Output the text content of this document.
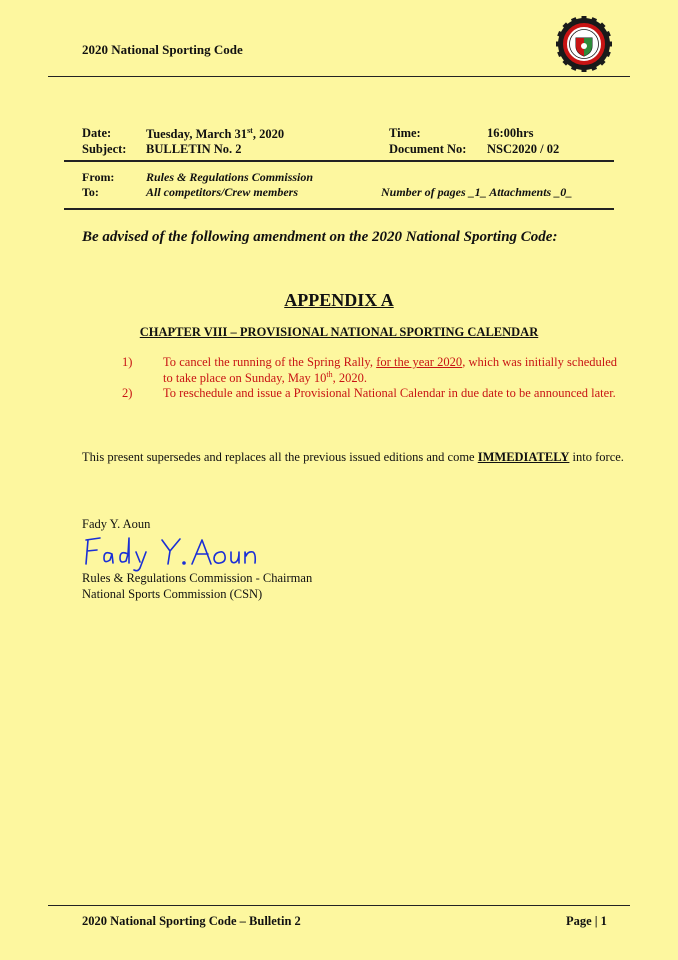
2020 National Sporting Code
Date:	Tuesday, March 31st, 2020	Time:	16:00hrs
Subject: BULLETIN No. 2	Document No: NSC2020 / 02
From:	Rules & Regulations Commission
To:	All competitors/Crew members	Number of pages _1_ Attachments _0_
Be advised of the following amendment on the 2020 National Sporting Code:
APPENDIX A
CHAPTER VIII – PROVISIONAL NATIONAL SPORTING CALENDAR
1) To cancel the running of the Spring Rally, for the year 2020, which was initially scheduled to take place on Sunday, May 10th, 2020.
2) To reschedule and issue a Provisional National Calendar in due date to be announced later.
This present supersedes and replaces all the previous issued editions and come IMMEDIATELY into force.
Fady Y. Aoun
Rules & Regulations Commission - Chairman
National Sports Commission (CSN)
2020 National Sporting Code – Bulletin 2	Page | 1
